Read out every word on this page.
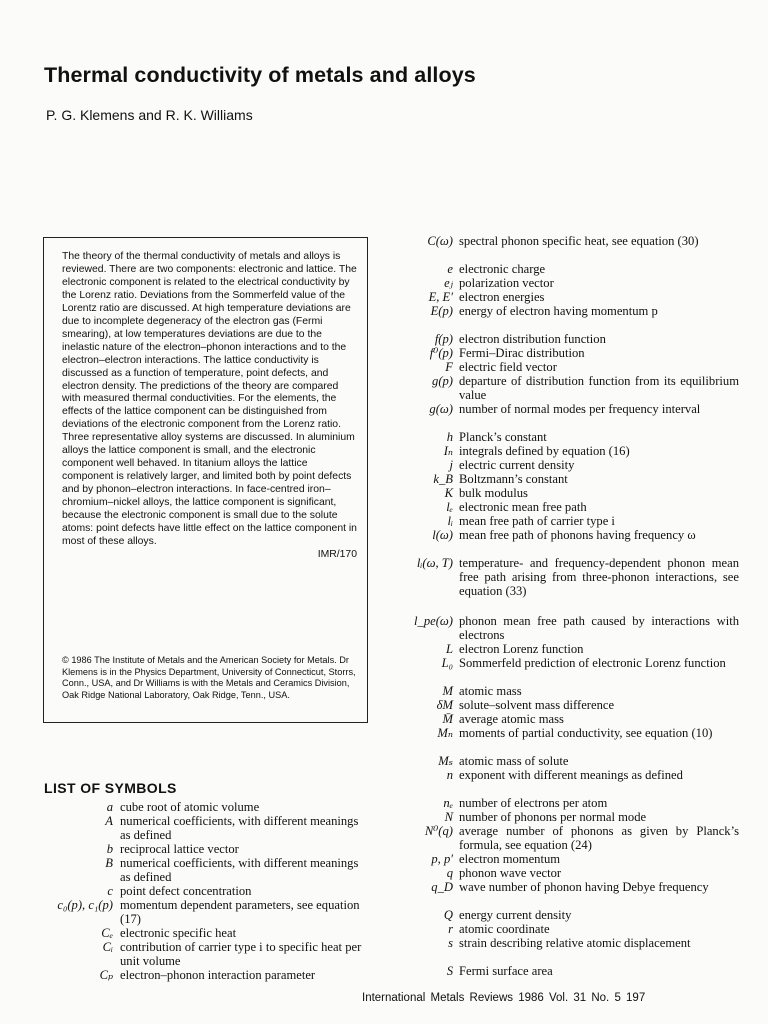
Thermal conductivity of metals and alloys
P. G. Klemens and R. K. Williams
The theory of the thermal conductivity of metals and alloys is reviewed. There are two components: electronic and lattice. The electronic component is related to the electrical conductivity by the Lorenz ratio. Deviations from the Sommerfeld value of the Lorentz ratio are discussed. At high temperature deviations are due to incomplete degeneracy of the electron gas (Fermi smearing), at low temperatures deviations are due to the inelastic nature of the electron–phonon interactions and to the electron–electron interactions. The lattice conductivity is discussed as a function of temperature, point defects, and electron density. The predictions of the theory are compared with measured thermal conductivities. For the elements, the effects of the lattice component can be distinguished from deviations of the electronic component from the Lorenz ratio. Three representative alloy systems are discussed. In aluminium alloys the lattice component is small, and the electronic component well behaved. In titanium alloys the lattice component is relatively larger, and limited both by point defects and by phonon–electron interactions. In face-centred iron–chromium–nickel alloys, the lattice component is significant, because the electronic component is small due to the solute atoms: point defects have little effect on the lattice component in most of these alloys.
IMR/170
© 1986 The Institute of Metals and the American Society for Metals. Dr Klemens is in the Physics Department, University of Connecticut, Storrs, Conn., USA, and Dr Williams is with the Metals and Ceramics Division, Oak Ridge National Laboratory, Oak Ridge, Tenn., USA.
LIST OF SYMBOLS
a cube root of atomic volume
A numerical coefficients, with different meanings as defined
b reciprocal lattice vector
B numerical coefficients, with different meanings as defined
c point defect concentration
c₀(p), c₁(p) momentum dependent parameters, see equation (17)
Cₑ electronic specific heat
Cᵢ contribution of carrier type i to specific heat per unit volume
Cₚ electron–phonon interaction parameter
C(ω) spectral phonon specific heat, see equation (30)
e electronic charge
eⱼ polarization vector
E, E′ electron energies
E(p) energy of electron having momentum p
f(p) electron distribution function
f⁰(p) Fermi–Dirac distribution
F electric field vector
g(p) departure of distribution function from its equilibrium value
g(ω) number of normal modes per frequency interval
h Planck’s constant
Iₙ integrals defined by equation (16)
j electric current density
k_B Boltzmann’s constant
K bulk modulus
lₑ electronic mean free path
lᵢ mean free path of carrier type i
l(ω) mean free path of phonons having frequency ω
lᵢ(ω, T) temperature- and frequency-dependent phonon mean free path arising from three-phonon interactions, see equation (33)
l_pe(ω) phonon mean free path caused by interactions with electrons
L electron Lorenz function
L₀ Sommerfeld prediction of electronic Lorenz function
M atomic mass
δM solute–solvent mass difference
M̄ average atomic mass
Mₙ moments of partial conductivity, see equation (10)
Mₛ atomic mass of solute
n exponent with different meanings as defined
nₑ number of electrons per atom
N number of phonons per normal mode
N⁰(q) average number of phonons as given by Planck’s formula, see equation (24)
p, p′ electron momentum
q phonon wave vector
q_D wave number of phonon having Debye frequency
Q energy current density
r atomic coordinate
s strain describing relative atomic displacement
S Fermi surface area
International Metals Reviews 1986 Vol. 31 No. 5 197
